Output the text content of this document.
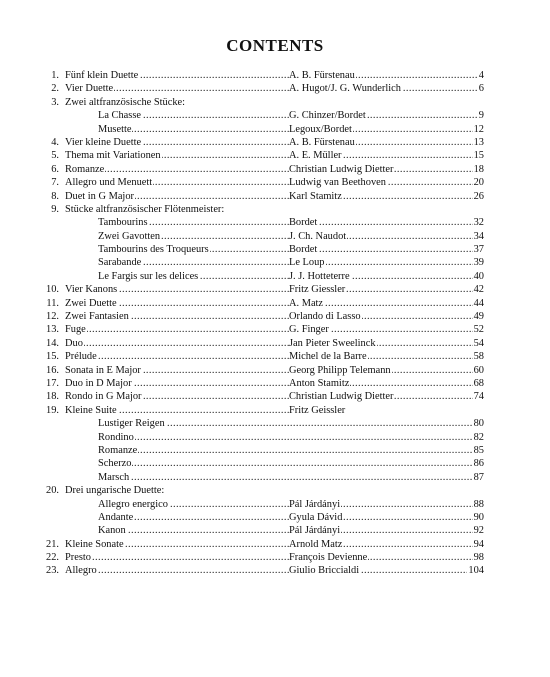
CONTENTS
.....
.....
1. Fünf klein Duette	A. B. Fürstenau	4
.....
.....
2. Vier Duette	A. Hugot/J. G. Wunderlich	6
3. Zwei altfranzösische Stücke:
.....
.....
La Chasse	G. Chinzer/Bordet	9
.....
.....
Musette	Legoux/Bordet	12
.....
.....
4. Vier kleine Duette	A. B. Fürstenau	13
.....
.....
5. Thema mit Variationen	A. E. Müller	15
.....
.....
6. Romanze	Christian Ludwig Dietter	18
.....
.....
7. Allegro und Menuett	Ludwig van Beethoven	20
.....
.....
8. Duet in G Major	Karl Stamitz	26
9. Stücke altfranzösischer Flötenmeister:
.....
.....
Tambourins	Bordet	32
.....
.....
Zwei Gavotten	J. Ch. Naudot	34
.....
.....
Tambourins des Troqueurs	Bordet	37
.....
.....
Sarabande	Le Loup	39
.....
.....
Le Fargis sur les delices	J. J. Hotteterre	40
.....
.....
10. Vier Kanons	Fritz Giessler	42
.....
.....
11. Zwei Duette	A. Matz	44
.....
.....
12. Zwei Fantasien	Orlando di Lasso	49
.....
.....
13. Fuge	G. Finger	52
.....
.....
14. Duo	Jan Pieter Sweelinck	54
.....
.....
15. Prélude	Michel de la Barre	58
.....
.....
16. Sonata in E Major	Georg Philipp Telemann	60
.....
.....
17. Duo in D Major	Anton Stamitz	68
.....
.....
18. Rondo in G Major	Christian Ludwig Dietter	74
.....
19. Kleine Suite	Fritz Geissler
.....
Lustiger Reigen	80
.....
Rondino	82
.....
Romanze	85
.....
Scherzo	86
.....
Marsch	87
20. Drei ungarische Duette:
.....
.....
Allegro energico	Pál Járdányi	88
.....
.....
Andante	Gyula Dávid	90
.....
.....
Kanon	Pál Járdányi	92
.....
.....
21. Kleine Sonate	Arnold Matz	94
.....
.....
22. Presto	François Devienne	98
.....
.....
23. Allegro	Giulio Briccialdi	104
